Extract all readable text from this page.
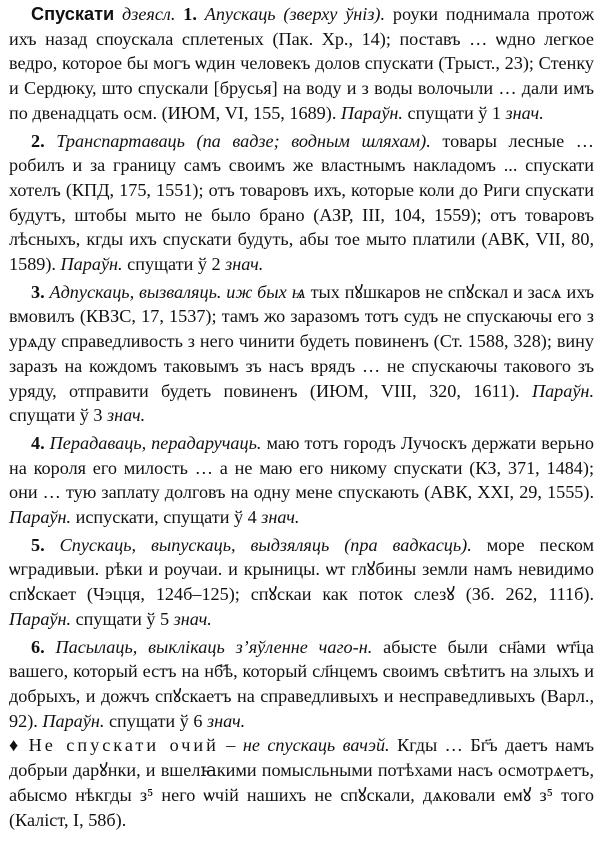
Спускати дзеясл. 1. Апускаць (зверху ўніз). роуки поднимала протож ихъ назад споускала сплетеных (Пак. Хр., 14); поставъ … ѡдно легкое ведро, которое бы могъ ѡдин человекъ долов спускати (Трыст., 23); Стенку и Сердюку, што спускали [брусья] на воду и з воды волочыли … дали имъ по двенадцать осм. (ИЮМ, VI, 155, 1689). Параўн. спущати ў 1 знач.

2. Транспартаваць (па вадзе; водным шляхам). товары лесные … робилъ и за границу самъ своимъ же властнымъ накладомъ ... спускати хотелъ (КПД, 175, 1551); отъ товаровъ ихъ, которые коли до Риги спускати будутъ, штобы мыто не было брано (АЗР, III, 104, 1559); отъ товаровъ лѣсныхъ, кгды ихъ спускати будуть, абы тое мыто платили (АВК, VII, 80, 1589). Параўн. спущати ў 2 знач.

3. Адпускаць, вызваляць. иж бых ѩ тых пꙋшкаров не спꙋскал и засѧ ихъ вмовилъ (КВЗС, 17, 1537); тамъ жо заразомъ тотъ судъ не спускаючы его з урѧду справедливость з него чинити будеть повиненъ (Ст. 1588, 328); вину заразъ на кождомъ таковымъ зъ насъ врядъ … не спускаючы такового зъ уряду, отправити будеть повиненъ (ИЮМ, VIII, 320, 1611). Параўн. спущати ў 3 знач.

4. Перадаваць, перадаручаць. маю тотъ городъ Лучоскъ держати верьно на короля его милость … а не маю его никому спускати (КЗ, 371, 1484); они … тую заплату долговъ на одну мене спускають (АВК, XXI, 29, 1555). Параўн. испускати, спущати ў 4 знач.

5. Спускаць, выпускаць, выдзяляць (пра вадкасць). море песком ѡградивыи. рѣки и роучаи. и крыницы. ѡт глꙋбины земли намъ невидимо спꙋскает (Чэцця, 124б–125); спꙋскаи как поток слезꙋ (Зб. 262, 111б). Параўн. спущати ў 5 знач.

6. Пасылаць, выклікаць з’яўленне чаго-н. абысте были сн҃ами ѡт҃ца вашего, который естъ на нб҃ѣ, который сл҃нцемъ своимъ свѣтитъ на злыхъ и добрыхъ, и дожчъ спꙋскаетъ на справедливыхъ и несправедливыхъ (Варл., 92). Параўн. спущати ў 6 знач.

♦ Не спускати очий – не спускаць вачэй. Кгды … Бг҃ъ даетъ намъ добрыи дарꙋнки, и вшелꙗкими помысльными потѣхами насъ осмотрѧетъ, абысмо нѣкгды з⁵ него ѡчій нашихъ не спꙋскали, дѧковали емꙋ з⁵ того (Каліст, I, 58б).
